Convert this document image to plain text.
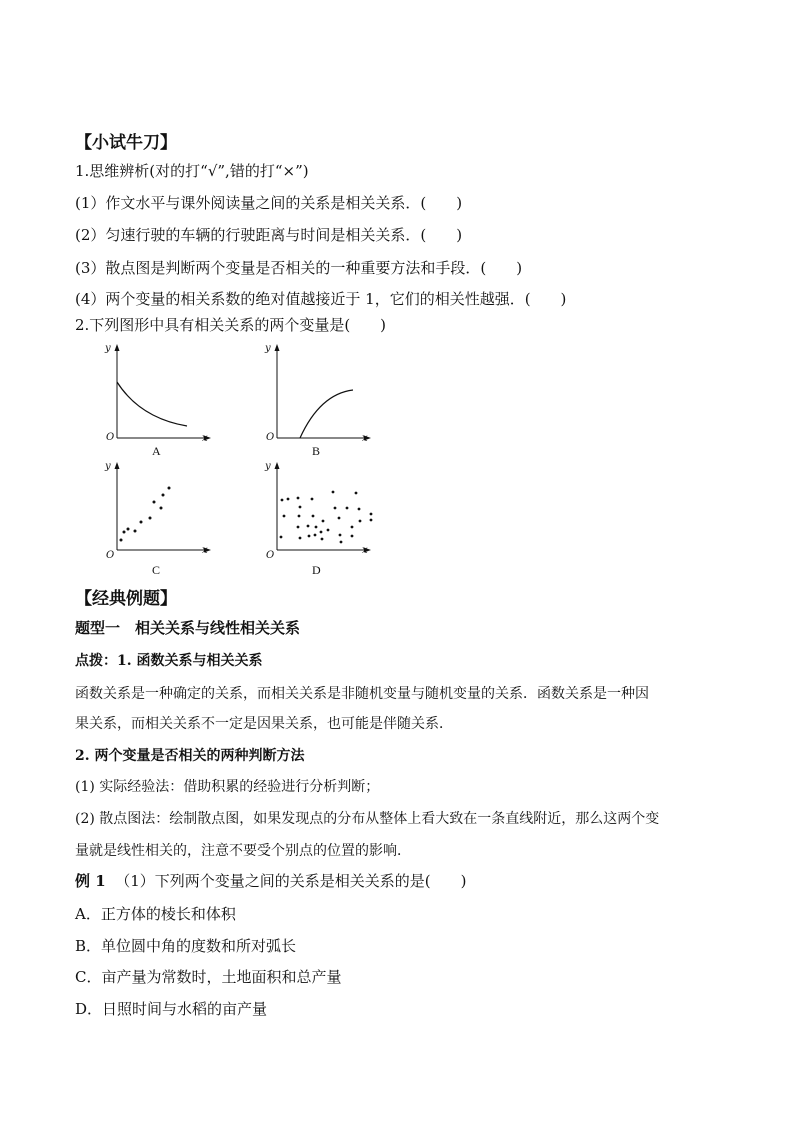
【小试牛刀】
1.思维辨析(对的打“√”,错的打“×”)
(1）作文水平与课外阅读量之间的关系是相关关系．(　　)
(2）匀速行驶的车辆的行驶距离与时间是相关关系．(　　)
(3）散点图是判断两个变量是否相关的一种重要方法和手段．(　　)
(4）两个变量的相关系数的绝对值越接近于 1，它们的相关性越强．(　　)
2.下列图形中具有相关关系的两个变量是(　　)
y
x
O
A
y
x
O
B
y
x
O
C
y
x
O
D
【经典例题】
题型一　相关关系与线性相关关系
点拨：1. 函数关系与相关关系
函数关系是一种确定的关系，而相关关系是非随机变量与随机变量的关系．函数关系是一种因
果关系，而相关关系不一定是因果关系，也可能是伴随关系．
2. 两个变量是否相关的两种判断方法
(1) 实际经验法：借助积累的经验进行分析判断；
(2) 散点图法：绘制散点图，如果发现点的分布从整体上看大致在一条直线附近，那么这两个变
量就是线性相关的，注意不要受个别点的位置的影响．
例 1 （1）下列两个变量之间的关系是相关关系的是(　　)
A．正方体的棱长和体积
B．单位圆中角的度数和所对弧长
C．亩产量为常数时，土地面积和总产量
D．日照时间与水稻的亩产量
